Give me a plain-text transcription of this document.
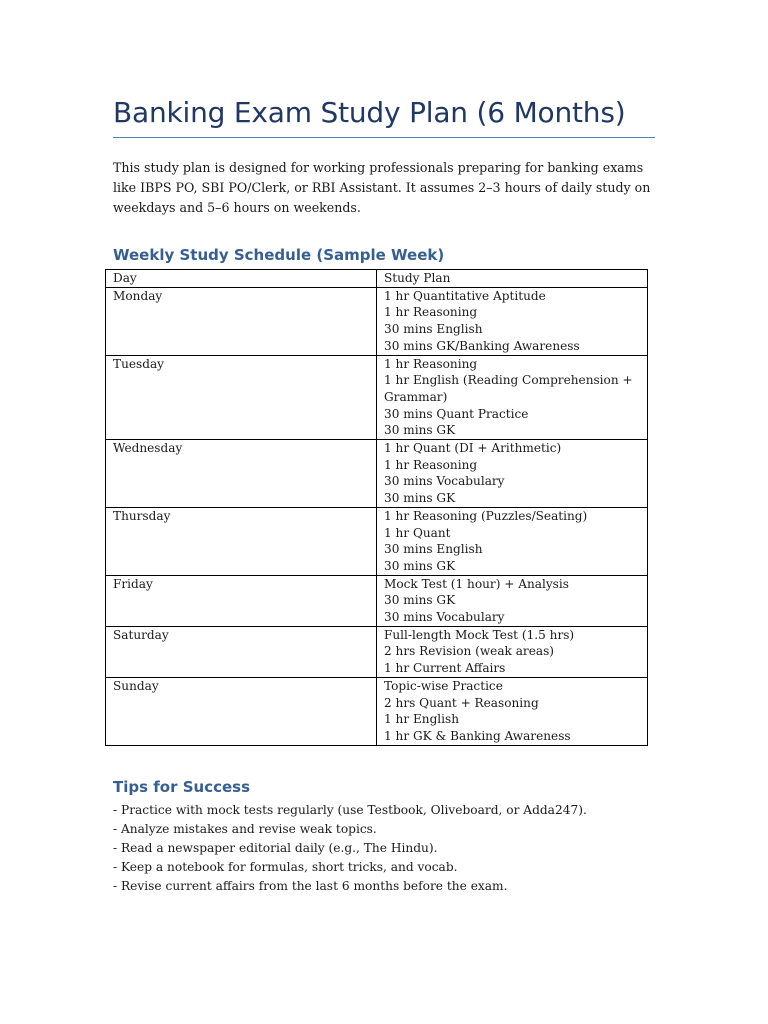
Banking Exam Study Plan (6 Months)

This study plan is designed for working professionals preparing for banking exams like IBPS PO, SBI PO/Clerk, or RBI Assistant. It assumes 2–3 hours of daily study on weekdays and 5–6 hours on weekends.

Weekly Study Schedule (Sample Week)
Day	Study Plan
Monday	1 hr Quantitative Aptitude
1 hr Reasoning
30 mins English
30 mins GK/Banking Awareness

Tuesday	1 hr Reasoning
1 hr English (Reading Comprehension + Grammar)
30 mins Quant Practice
30 mins GK

Wednesday	1 hr Quant (DI + Arithmetic)
1 hr Reasoning
30 mins Vocabulary
30 mins GK

Thursday	1 hr Reasoning (Puzzles/Seating)
1 hr Quant
30 mins English
30 mins GK

Friday	Mock Test (1 hour) + Analysis
30 mins GK
30 mins Vocabulary

Saturday	Full-length Mock Test (1.5 hrs)
2 hrs Revision (weak areas)
1 hr Current Affairs

Sunday	Topic-wise Practice
2 hrs Quant + Reasoning
1 hr English
1 hr GK & Banking Awareness
Tips for Success
- Practice with mock tests regularly (use Testbook, Oliveboard, or Adda247).
- Analyze mistakes and revise weak topics.
- Read a newspaper editorial daily (e.g., The Hindu).
- Keep a notebook for formulas, short tricks, and vocab.
- Revise current affairs from the last 6 months before the exam.
